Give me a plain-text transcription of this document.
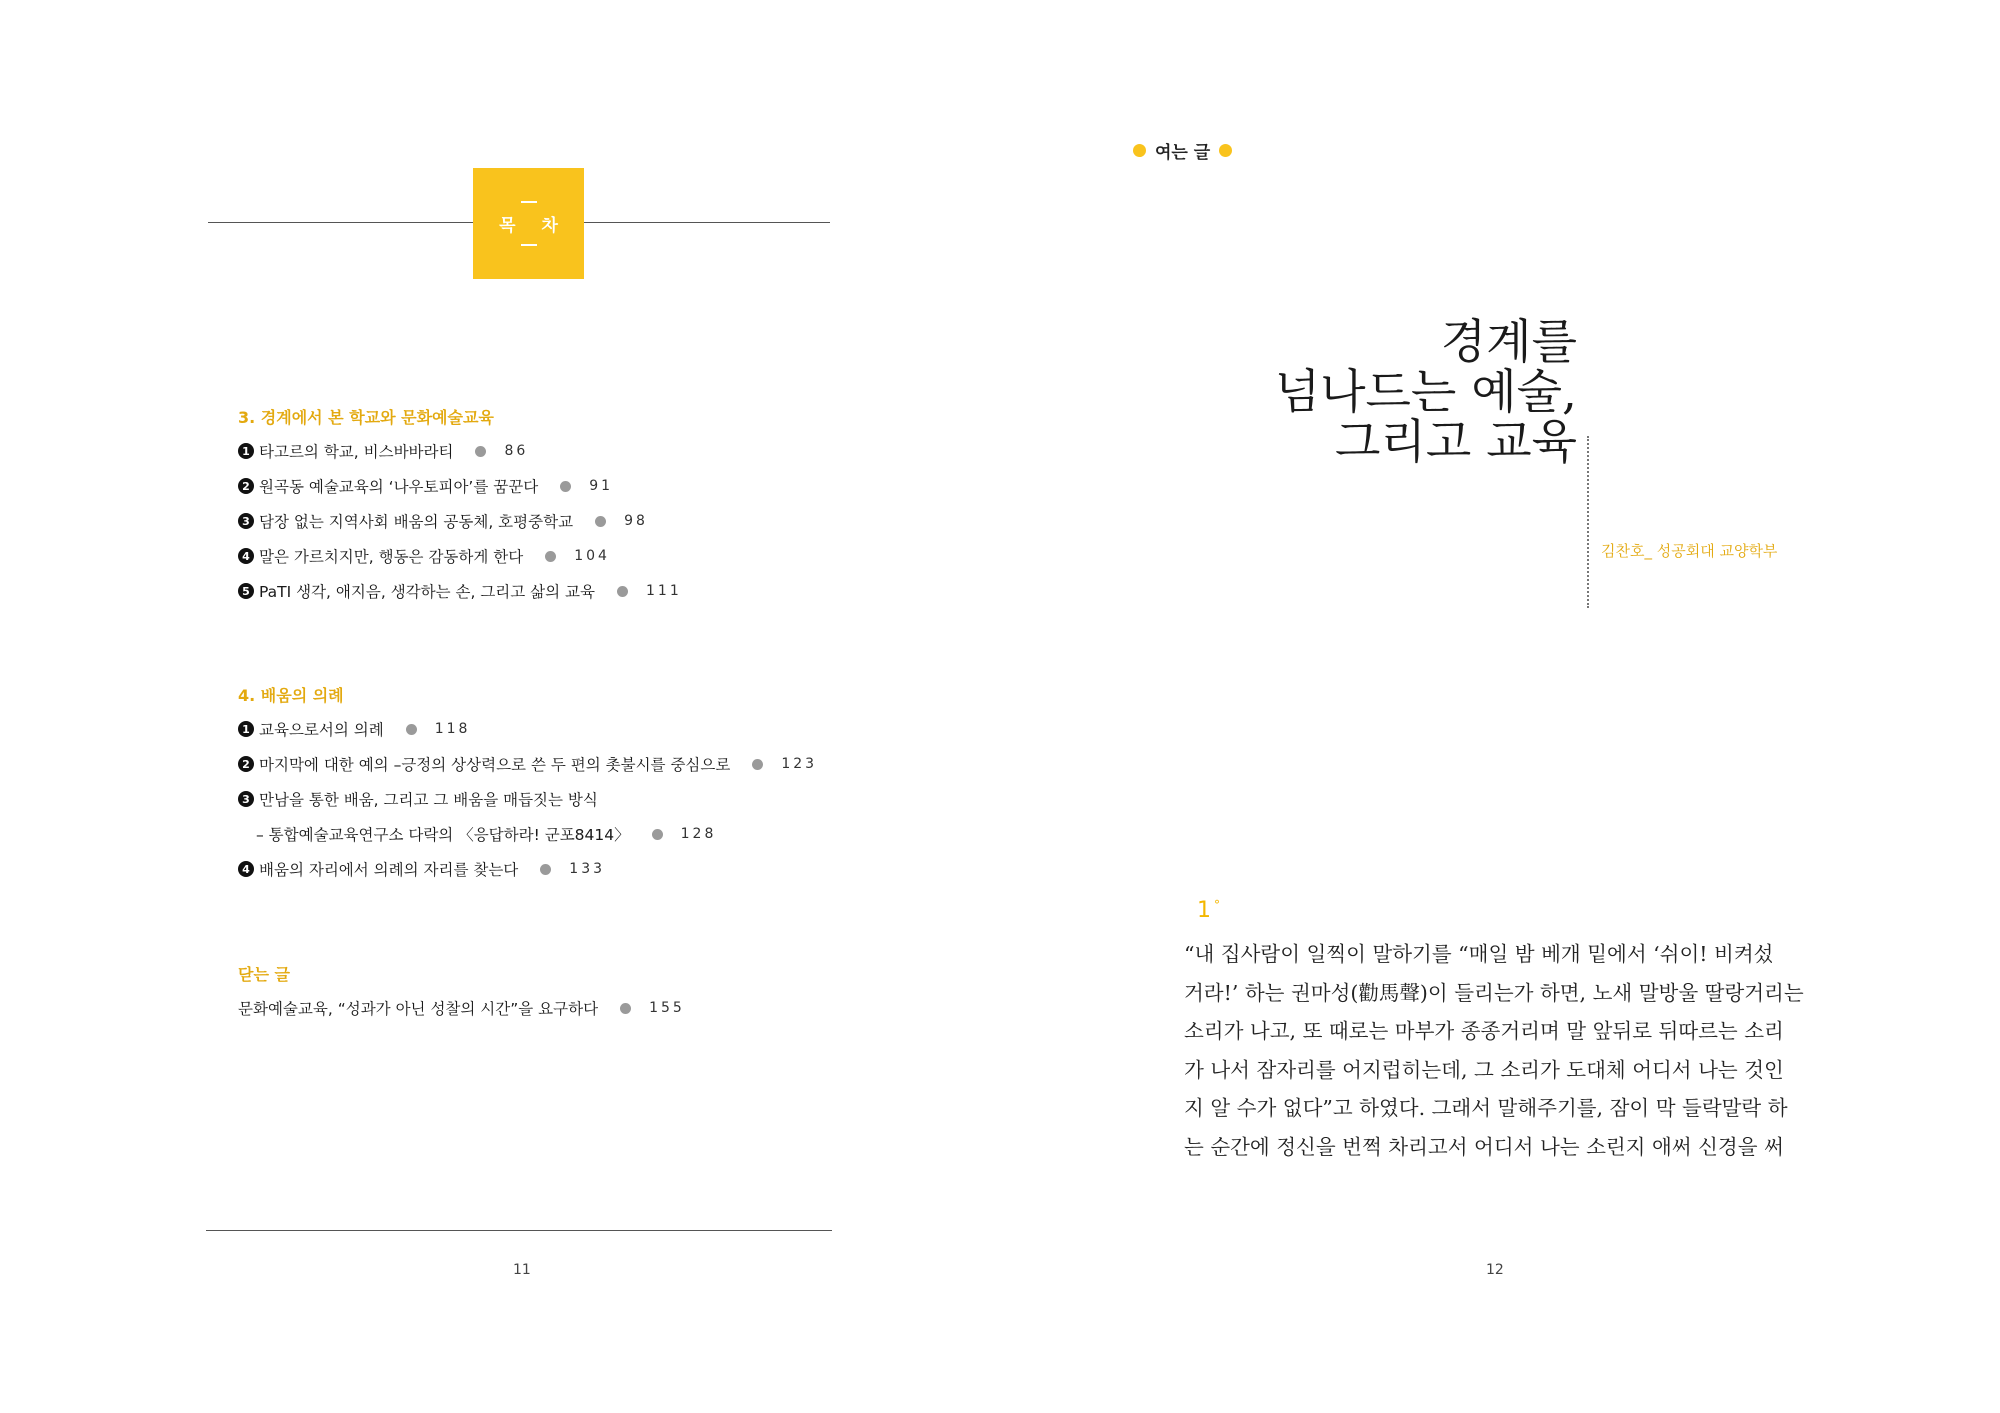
목 차
3. 경계에서 본 학교와 문화예술교육
1 타고르의 학교, 비스바바라티	86
2 원곡동 예술교육의 ‘나우토피아’를 꿈꾼다	91
3 담장 없는 지역사회 배움의 공동체, 호평중학교	98
4 말은 가르치지만, 행동은 감동하게 한다	104
5 PaTI 생각, 애지음, 생각하는 손, 그리고 삶의 교육	111
4. 배움의 의례
1 교육으로서의 의례	118
2 마지막에 대한 예의 –긍정의 상상력으로 쓴 두 편의 촛불시를 중심으로	123
3 만남을 통한 배움, 그리고 그 배움을 매듭짓는 방식
– 통합예술교육연구소 다락의 〈응답하라! 군포8414〉	128
4 배움의 자리에서 의례의 자리를 찾는다	133
닫는 글
문화예술교육, “성과가 아닌 성찰의 시간”을 요구하다	155
11
여는 글
경계를
넘나드는 예술,
그리고 교육
김찬호_ 성공회대 교양학부
1 °
“내 집사람이 일찍이 말하기를 “매일 밤 베개 밑에서 ‘쉬이! 비켜섰
거라!’ 하는 권마성(勸馬聲)이 들리는가 하면, 노새 말방울 딸랑거리는
소리가 나고, 또 때로는 마부가 종종거리며 말 앞뒤로 뒤따르는 소리
가 나서 잠자리를 어지럽히는데, 그 소리가 도대체 어디서 나는 것인
지 알 수가 없다”고 하였다. 그래서 말해주기를, 잠이 막 들락말락 하
는 순간에 정신을 번쩍 차리고서 어디서 나는 소린지 애써 신경을 써
12
